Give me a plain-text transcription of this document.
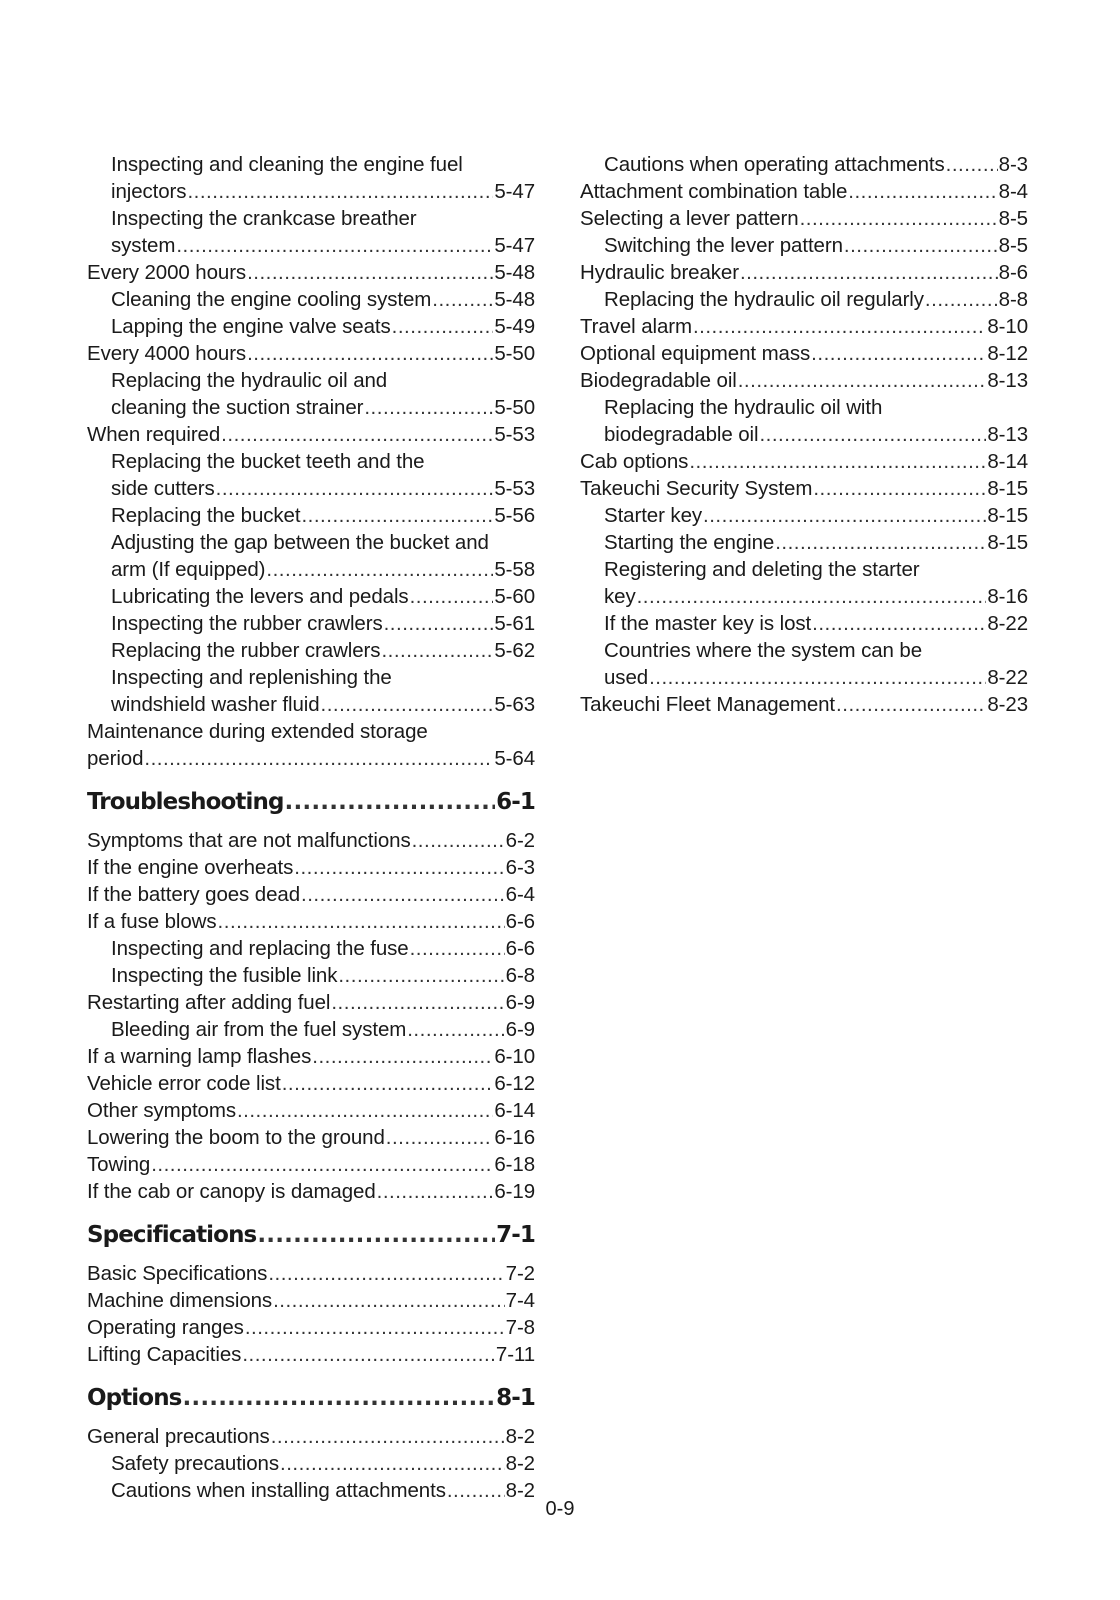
Inspecting and cleaning the engine fuel
injectors .....	5-47
Inspecting the crankcase breather
system .....	5-47
Every 2000 hours .....	5-48
Cleaning the engine cooling system .....	5-48
Lapping the engine valve seats .....	5-49
Every 4000 hours .....	5-50
Replacing the hydraulic oil and
cleaning the suction strainer .....	5-50
When required .....	5-53
Replacing the bucket teeth and the
side cutters .....	5-53
Replacing the bucket .....	5-56
Adjusting the gap between the bucket and
arm (If equipped) .....	5-58
Lubricating the levers and pedals .....	5-60
Inspecting the rubber crawlers .....	5-61
Replacing the rubber crawlers .....	5-62
Inspecting and replenishing the
windshield washer fluid .....	5-63
Maintenance during extended storage
period .....	5-64
Troubleshooting .....	6-1
Symptoms that are not malfunctions .....	6-2
If the engine overheats .....	6-3
If the battery goes dead .....	6-4
If a fuse blows .....	6-6
Inspecting and replacing the fuse .....	6-6
Inspecting the fusible link .....	6-8
Restarting after adding fuel .....	6-9
Bleeding air from the fuel system .....	6-9
If a warning lamp flashes .....	6-10
Vehicle error code list .....	6-12
Other symptoms .....	6-14
Lowering the boom to the ground .....	6-16
Towing .....	6-18
If the cab or canopy is damaged .....	6-19
Specifications .....	7-1
Basic Specifications .....	7-2
Machine dimensions .....	7-4
Operating ranges .....	7-8
Lifting Capacities .....	7-11
Options .....	8-1
General precautions .....	8-2
Safety precautions .....	8-2
Cautions when installing attachments .....	8-2
Cautions when operating attachments .....	8-3
Attachment combination table .....	8-4
Selecting a lever pattern .....	8-5
Switching the lever pattern .....	8-5
Hydraulic breaker .....	8-6
Replacing the hydraulic oil regularly .....	8-8
Travel alarm .....	8-10
Optional equipment mass .....	8-12
Biodegradable oil .....	8-13
Replacing the hydraulic oil with
biodegradable oil .....	8-13
Cab options .....	8-14
Takeuchi Security System .....	8-15
Starter key .....	8-15
Starting the engine .....	8-15
Registering and deleting the starter
key .....	8-16
If the master key is lost .....	8-22
Countries where the system can be
used .....	8-22
Takeuchi Fleet Management .....	8-23
0-9
